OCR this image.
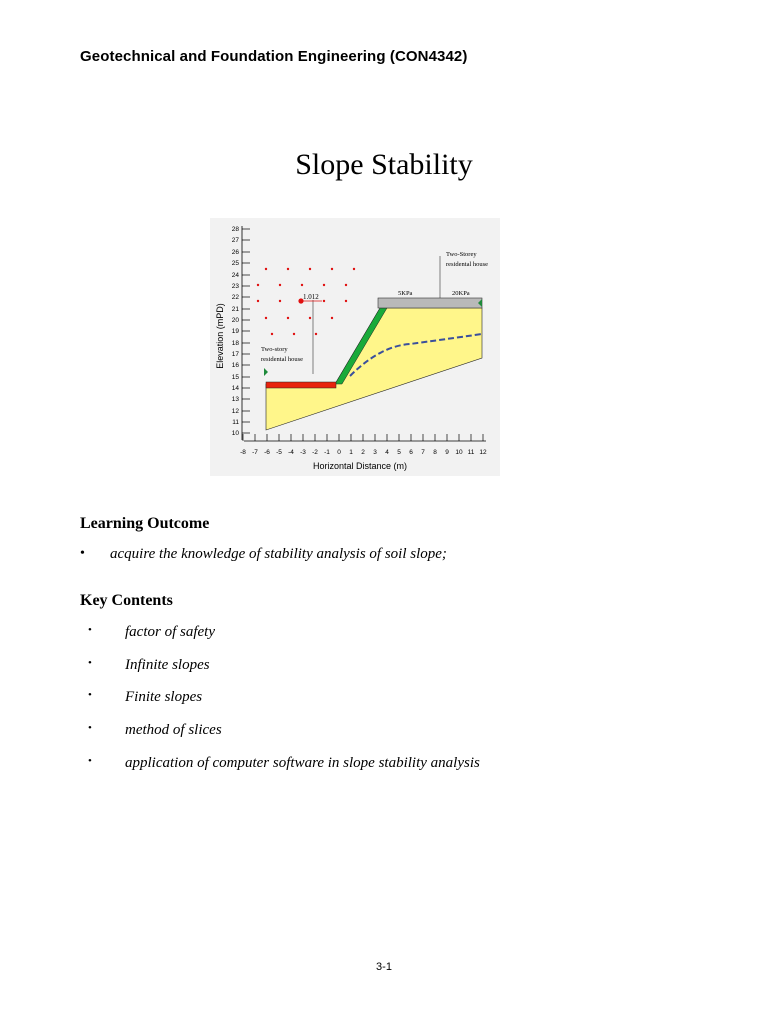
Geotechnical and Foundation Engineering (CON4342)
Slope Stability
28
27
26
25
24
23
22
21
20
19
18
17
16
15
14
13
12
11
10
-8 -7 -6 -5 -4 -3 -2 -1 0 1 2 3 4 5 6 7 8 9 10 11 12
Horizontal Distance (m)
Elevation (mPD)
1.012
Two-story
residental house
Two-Storey
residental house
5KPa	20KPa
Learning Outcome
• acquire the knowledge of stability analysis of soil slope;
Key Contents
• factor of safety
• Infinite slopes
• Finite slopes
• method of slices
• application of computer software in slope stability analysis
3-1
